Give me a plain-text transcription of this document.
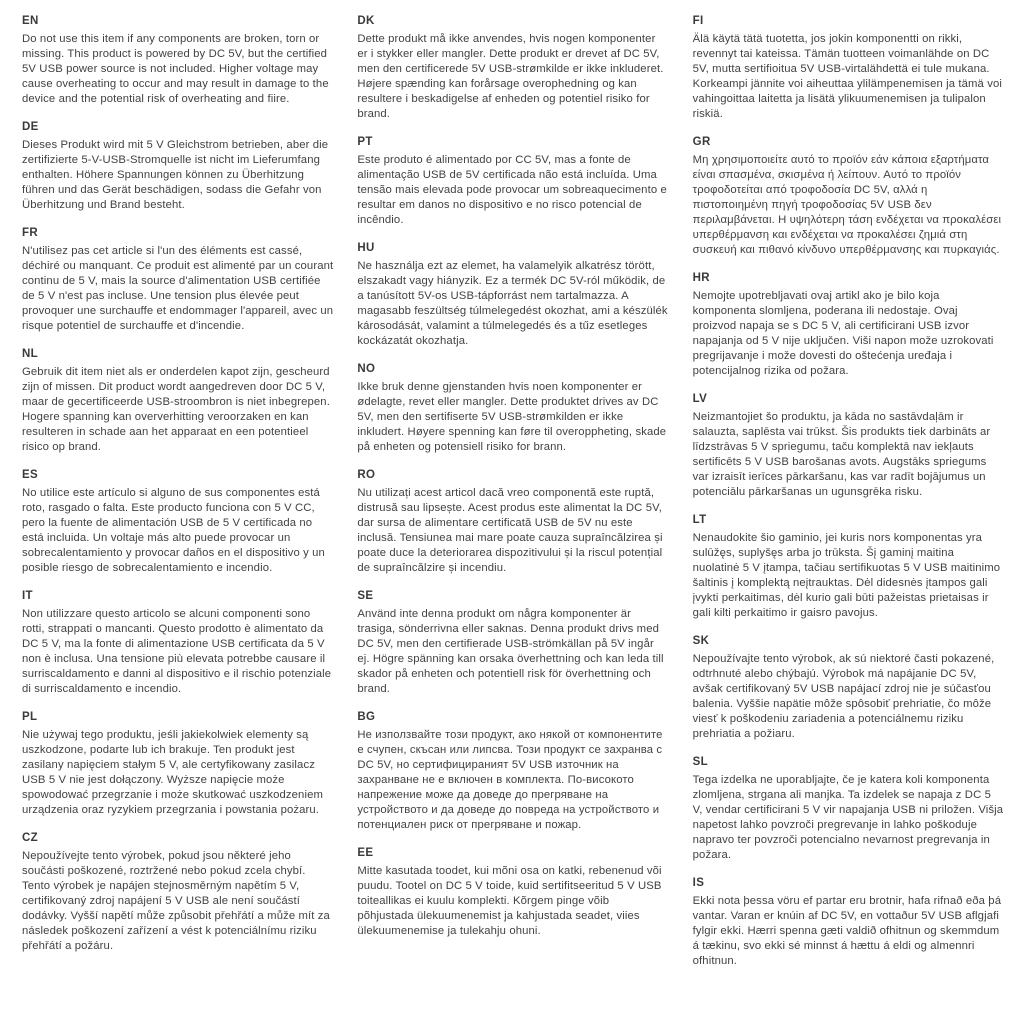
EN

Do not use this item if any components are broken, torn or missing. This product is powered by DC 5V, but the certified 5V USB power source is not included. Higher voltage may cause overheating to occur and may result in damage to the device and the potential risk of overheating and fiire.

DE

Dieses Produkt wird mit 5 V Gleichstrom betrieben, aber die zertifizierte 5-V-USB-Stromquelle ist nicht im Lieferumfang enthalten. Höhere Spannungen können zu Überhitzung führen und das Gerät beschädigen, sodass die Gefahr von Überhitzung und Brand besteht.

FR

N'utilisez pas cet article si l'un des éléments est cassé, déchiré ou manquant. Ce produit est alimenté par un courant continu de 5 V, mais la source d'alimentation USB certifiée de 5 V n'est pas incluse. Une tension plus élevée peut provoquer une surchauffe et endommager l'appareil, avec un risque potentiel de surchauffe et d'incendie.

NL

Gebruik dit item niet als er onderdelen kapot zijn, gescheurd zijn of missen. Dit product wordt aangedreven door DC 5 V, maar de gecertificeerde USB-stroombron is niet inbegrepen. Hogere spanning kan oververhitting veroorzaken en kan resulteren in schade aan het apparaat en een potentieel risico op brand.

ES

No utilice este artículo si alguno de sus componentes está roto, rasgado o falta. Este producto funciona con 5 V CC, pero la fuente de alimentación USB de 5 V certificada no está incluida. Un voltaje más alto puede provocar un sobrecalentamiento y provocar daños en el dispositivo y un posible riesgo de sobrecalentamiento e incendio.

IT

Non utilizzare questo articolo se alcuni componenti sono rotti, strappati o mancanti. Questo prodotto è alimentato da DC 5 V, ma la fonte di alimentazione USB certificata da 5 V non è inclusa. Una tensione più elevata potrebbe causare il surriscaldamento e danni al dispositivo e il rischio potenziale di surriscaldamento e incendio.

PL

Nie używaj tego produktu, jeśli jakiekolwiek elementy są uszkodzone, podarte lub ich brakuje. Ten produkt jest zasilany napięciem stałym 5 V, ale certyfikowany zasilacz USB 5 V nie jest dołączony. Wyższe napięcie może spowodować przegrzanie i może skutkować uszkodzeniem urządzenia oraz ryzykiem przegrzania i powstania pożaru.

CZ

Nepoužívejte tento výrobek, pokud jsou některé jeho součásti poškozené, roztržené nebo pokud zcela chybí. Tento výrobek je napájen stejnosměrným napětím 5 V, certifikovaný zdroj napájení 5 V USB ale není součástí dodávky. Vyšší napětí může způsobit přehřátí a může mít za následek poškození zařízení a vést k potenciálnímu riziku přehřátí a požáru.

DK

Dette produkt må ikke anvendes, hvis nogen komponenter er i stykker eller mangler. Dette produkt er drevet af DC 5V, men den certificerede 5V USB-strømkilde er ikke inkluderet. Højere spænding kan forårsage overophedning og kan resultere i beskadigelse af enheden og potentiel risiko for brand.

PT

Este produto é alimentado por CC 5V, mas a fonte de alimentação USB de 5V certificada não está incluída. Uma tensão mais elevada pode provocar um sobreaquecimento e resultar em danos no dispositivo e no risco potencial de incêndio.

HU

Ne használja ezt az elemet, ha valamelyik alkatrész törött, elszakadt vagy hiányzik. Ez a termék DC 5V-ról működik, de a tanúsított 5V-os USB-tápforrást nem tartalmazza. A magasabb feszültség túlmelegedést okozhat, ami a készülék károsodását, valamint a túlmelegedés és a tűz esetleges kockázatát okozhatja.

NO

Ikke bruk denne gjenstanden hvis noen komponenter er ødelagte, revet eller mangler. Dette produktet drives av DC 5V, men den sertifiserte 5V USB-strømkilden er ikke inkludert. Høyere spenning kan føre til overoppheting, skade på enheten og potensiell risiko for brann.

RO

Nu utilizați acest articol dacă vreo componentă este ruptă, distrusă sau lipsește. Acest produs este alimentat la DC 5V, dar sursa de alimentare certificată USB de 5V nu este inclusă. Tensiunea mai mare poate cauza supraîncălzirea și poate duce la deteriorarea dispozitivului și la riscul potențial de supraîncălzire și incendiu.

SE

Använd inte denna produkt om några komponenter är trasiga, sönderrivna eller saknas. Denna produkt drivs med DC 5V, men den certifierade USB-strömkällan på 5V ingår ej. Högre spänning kan orsaka överhettning och kan leda till skador på enheten och potentiell risk för överhettning och brand.

BG

Не използвайте този продукт, ако някой от компонентите е счупен, скъсан или липсва. Този продукт се захранва с DC 5V, но сертифицираният 5V USB източник на захранване не е включен в комплекта. По-високото напрежение може да доведе до прегряване на устройството и да доведе до повреда на устройството и потенциален риск от прегряване и пожар.

EE

Mitte kasutada toodet, kui mõni osa on katki, rebenenud või puudu. Tootel on DC 5 V toide, kuid sertifitseeritud 5 V USB toiteallikas ei kuulu komplekti. Kõrgem pinge võib põhjustada ülekuumenemist ja kahjustada seadet, viies ülekuumenemise ja tulekahju ohuni.

FI

Älä käytä tätä tuotetta, jos jokin komponentti on rikki, revennyt tai kateissa. Tämän tuotteen voimanlähde on DC 5V, mutta sertifioitua 5V USB-virtalähdettä ei tule mukana. Korkeampi jännite voi aiheuttaa ylilämpenemisen ja tämä voi vahingoittaa laitetta ja lisätä ylikuumenemisen ja tulipalon riskiä.

GR

Μη χρησιμοποιείτε αυτό το προϊόν εάν κάποια εξαρτήματα είναι σπασμένα, σκισμένα ή λείπουν. Αυτό το προϊόν τροφοδοτείται από τροφοδοσία DC 5V, αλλά η πιστοποιημένη πηγή τροφοδοσίας 5V USB δεν περιλαμβάνεται. Η υψηλότερη τάση ενδέχεται να προκαλέσει υπερθέρμανση και ενδέχεται να προκαλέσει ζημιά στη συσκευή και πιθανό κίνδυνο υπερθέρμανσης και πυρκαγιάς.

HR

Nemojte upotrebljavati ovaj artikl ako je bilo koja komponenta slomljena, poderana ili nedostaje. Ovaj proizvod napaja se s DC 5 V, ali certificirani USB izvor napajanja od 5 V nije uključen. Viši napon može uzrokovati pregrijavanje i može dovesti do oštećenja uređaja i potencijalnog rizika od požara.

LV

Neizmantojiet šo produktu, ja kāda no sastāvdaļām ir salauzta, saplēsta vai trūkst. Šis produkts tiek darbināts ar līdzstrāvas 5 V spriegumu, taču komplektā nav iekļauts sertificēts 5 V USB barošanas avots. Augstāks spriegums var izraisīt ierīces pārkaršanu, kas var radīt bojājumus un potenciālu pārkaršanas un ugunsgrēka risku.

LT

Nenaudokite šio gaminio, jei kuris nors komponentas yra sulūžęs, suplyšęs arba jo trūksta. Šį gaminį maitina nuolatinė 5 V įtampa, tačiau sertifikuotas 5 V USB maitinimo šaltinis į komplektą neįtrauktas. Dėl didesnės įtampos gali įvykti perkaitimas, dėl kurio gali būti pažeistas prietaisas ir gali kilti perkaitimo ir gaisro pavojus.

SK

Nepoužívajte tento výrobok, ak sú niektoré časti pokazené, odtrhnuté alebo chýbajú. Výrobok má napájanie DC 5V, avšak certifikovaný 5V USB napájací zdroj nie je súčasťou balenia. Vyššie napätie môže spôsobiť prehriatie, čo môže viesť k poškodeniu zariadenia a potenciálnemu riziku prehriatia a požiaru.

SL

Tega izdelka ne uporabljajte, če je katera koli komponenta zlomljena, strgana ali manjka. Ta izdelek se napaja z DC 5 V, vendar certificirani 5 V vir napajanja USB ni priložen. Višja napetost lahko povzroči pregrevanje in lahko poškoduje napravo ter povzroči potencialno nevarnost pregrevanja in požara.

IS

Ekki nota þessa vöru ef partar eru brotnir, hafa rifnað eða þá vantar. Varan er knúin af DC 5V, en vottaður 5V USB aflgjafi fylgir ekki. Hærri spenna gæti valdið ofhitnun og skemmdum á tækinu, svo ekki sé minnst á hættu á eldi og almennri ofhitnun.
